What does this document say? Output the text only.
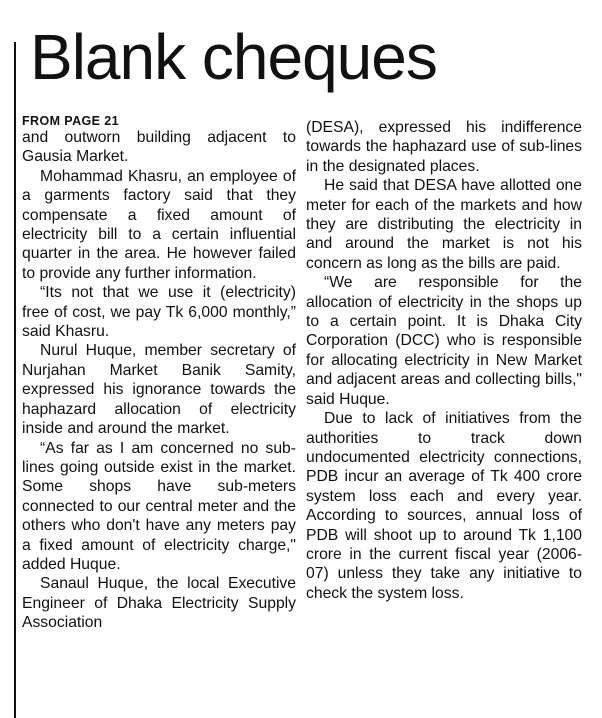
Blank cheques
FROM PAGE 21

and outworn building adjacent to Gausia Market.

Mohammad Khasru, an employee of a garments factory said that they compensate a fixed amount of electricity bill to a certain influential quarter in the area. He however failed to provide any further information.

“Its not that we use it (electricity) free of cost, we pay Tk 6,000 monthly,” said Khasru.

Nurul Huque, member secretary of Nurjahan Market Banik Samity, expressed his ignorance towards the haphazard allocation of electricity inside and around the market.

“As far as I am concerned no sub-lines going outside exist in the market. Some shops have sub-meters connected to our central meter and the others who don't have any meters pay a fixed amount of electricity charge," added Huque.

Sanaul Huque, the local Executive Engineer of Dhaka Electricity Supply Association

(DESA), expressed his indifference towards the haphazard use of sub-lines in the designated places.

He said that DESA have allotted one meter for each of the markets and how they are distributing the electricity in and around the market is not his concern as long as the bills are paid.

“We are responsible for the allocation of electricity in the shops up to a certain point. It is Dhaka City Corporation (DCC) who is responsible for allocating electricity in New Market and adjacent areas and collecting bills," said Huque.

Due to lack of initiatives from the authorities to track down undocumented electricity connections, PDB incur an average of Tk 400 crore system loss each and every year. According to sources, annual loss of PDB will shoot up to around Tk 1,100 crore in the current fiscal year (2006-07) unless they take any initiative to check the system loss.
